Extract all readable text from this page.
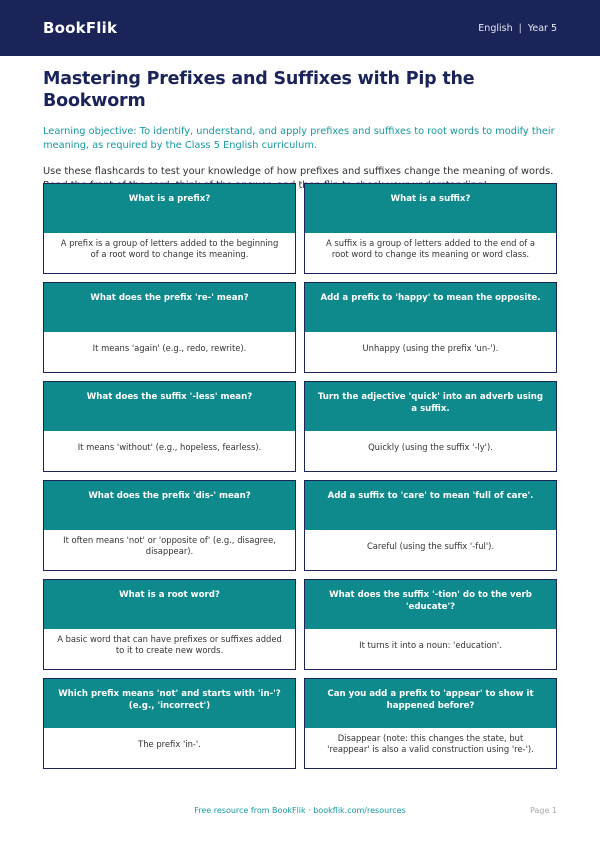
BookFlik	English | Year 5
Mastering Prefixes and Suffixes with Pip the Bookworm

Learning objective: To identify, understand, and apply prefixes and suffixes to root words to modify their meaning, as required by the Class 5 English curriculum.

Use these flashcards to test your knowledge of how prefixes and suffixes change the meaning of words.

What is a prefix?
A prefix is a group of letters added to the beginning of a root word to change its meaning.
What is a suffix?
A suffix is a group of letters added to the end of a root word to change its meaning or word class.
What does the prefix 're-' mean?
It means 'again' (e.g., redo, rewrite).
Add a prefix to 'happy' to mean the opposite.
Unhappy (using the prefix 'un-').
What does the suffix '-less' mean?
It means 'without' (e.g., hopeless, fearless).
Turn the adjective 'quick' into an adverb using a suffix.
Quickly (using the suffix '-ly').
What does the prefix 'dis-' mean?
It often means 'not' or 'opposite of' (e.g., disagree, disappear).
Add a suffix to 'care' to mean 'full of care'.
Careful (using the suffix '-ful').
What is a root word?
A basic word that can have prefixes or suffixes added to it to create new words.
What does the suffix '-tion' do to the verb 'educate'?
It turns it into a noun: 'education'.
Which prefix means 'not' and starts with 'in-'? (e.g., 'incorrect')
The prefix 'in-'.
Can you add a prefix to 'appear' to show it happened before?
Disappear (note: this changes the state, but 'reappear' is also a valid construction using 're-').
Free resource from BookFlik · bookflik.com/resources	Page 1
